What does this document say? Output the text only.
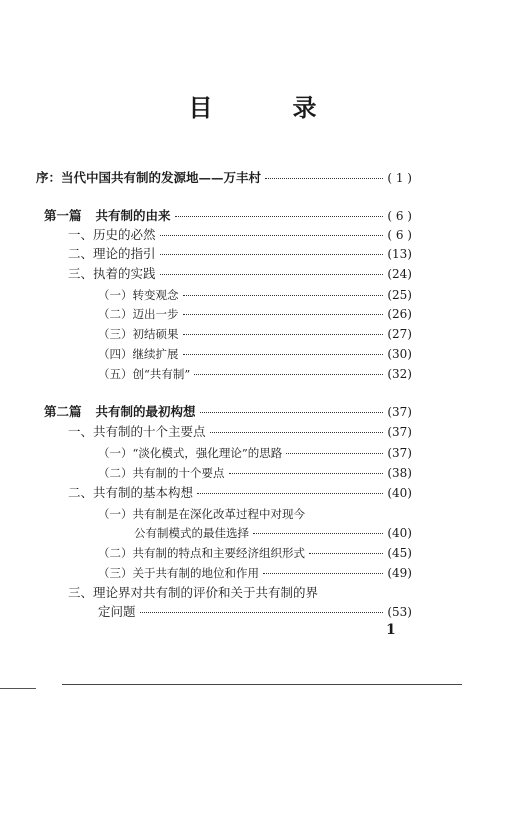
目　录
序：当代中国共有制的发源地——万丰村	( 1 )
第一篇 共有制的由来	( 6 )
一、历史的必然	( 6 )
二、理论的指引	(13)
三、执着的实践	(24)
（一）转变观念	(25)
（二）迈出一步	(26)
（三）初结硕果	(27)
（四）继续扩展	(30)
（五）创“共有制”	(32)
第二篇 共有制的最初构想	(37)
一、共有制的十个主要点	(37)
（一）“淡化模式，强化理论”的思路	(37)
（二）共有制的十个要点	(38)
二、共有制的基本构想	(40)
（一）共有制是在深化改革过程中对现今
公有制模式的最佳选择	(40)
（二）共有制的特点和主要经济组织形式	(45)
（三）关于共有制的地位和作用	(49)
三、理论界对共有制的评价和关于共有制的界
定问题	(53)
1
